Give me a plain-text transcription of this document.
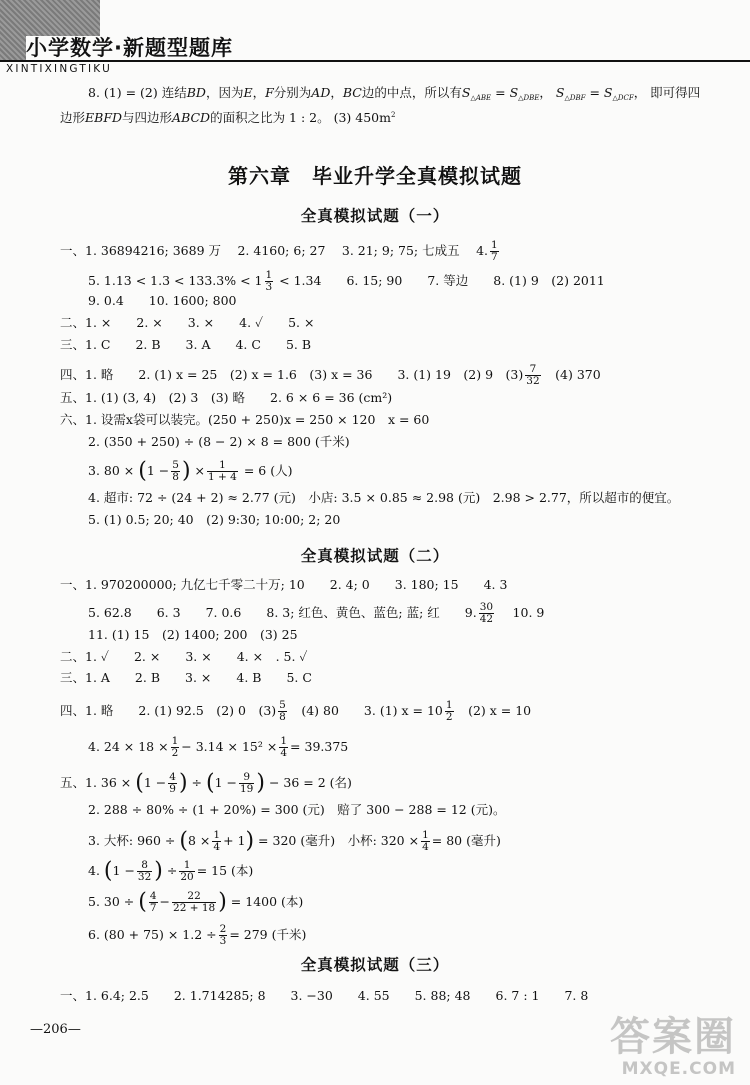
小学数学·新题型题库
XINTIXINGTIKU
8. (1) = (2) 连结BD，因为E，F分别为AD，BC边的中点，所以有$S_{\triangle ABE} = S_{\triangle DBE}$， $S_{\triangle DBF} = S_{\triangle DCF}$， 即可得四
边形EBFD与四边形ABCD的面积之比为 1 : 2。 (3) $450m^2$
第六章　毕业升学全真模拟试题
全真模拟试题（一）
一、1. 36894216; 3689 万　 2. 4160; 6; 27　 3. 21; 9; 75; 七成五　 4. $\frac{1}{7}$
5. $1.13 < 1.3 < 133.3\% < 1 \frac{1}{3} < 1.34$　　6. 15; 90　　7. 等边　　8. (1) 9　(2) 2011
9. 0.4　　10. 1600; 800
二、1. ×　　2. ×　　3. ×　　4. ✓　　5. ×
三、1. C　　2. B　　3. A　　4. C　　5. B
四、1. 略　　2. (1) x = 25　(2) x = 1.6　(3) x = 36　　3. (1) 19　(2) 9　$(3) \frac{7}{32}$ 　(4) 370
五、1. (1) (3, 4)　(2) 3　(3) 略　　2. 6 × 6 = 36 (cm²)
六、1. 设需x袋可以装完。(250 + 250)x = 250 × 120　x = 60
2. (350 + 250) ÷ (8 − 2) × 8 = 800 (千米)
3. $80 \times (1 - \frac{5}{8}$ ) × $\frac{1}{1 + 4} = 6$ (人)
4. 超市: 72 ÷ (24 + 2) ≈ 2.77 (元)　小店: 3.5 × 0.85 ≈ 2.98 (元)　2.98 > 2.77，所以超市的便宜。
5. (1) 0.5; 20; 40　(2) 9:30; 10:00; 2; 20
全真模拟试题（二）
一、1. 970200000; 九亿七千零二十万; 10　　2. 4; 0　　3. 180; 15　　4. 3
5. 62.8　　6. 3　　7. 0.6　　8. 3; 红色、黄色、蓝色; 蓝; 红　　9. $\frac{30}{42}$ 　 10. 9
11. (1) 15　(2) 1400; 200　(3) 25
二、1. ✓　　2. ×　　3. ×　　4. ×　. 5. ✓
三、1. A　　2. B　　3. ×　　4. B　　5. C
四、1. 略　　2. (1) 92.5　(2) 0　$(3) \frac{5}{8}$ 　(4) 80　　3. (1) $x = 10 \frac{1}{2}$ 　(2) x = 10
4. $24 \times 18 \times \frac{1}{2} - 3.14 \times 15^2 \times \frac{1}{4} = 39.375$
五、1. $36 \times (1 - \frac{4}{9}$ ) ÷ ($1 - \frac{9}{19}$ ) − 36 = 2 (名)
2. 288 ÷ 80% ÷ (1 + 20%) = 300 (元)　赔了 300 − 288 = 12 (元)。
3. 大杯: $960 \div (8 \times \frac{1}{4} + 1) = 320$ (毫升)　小杯: $320 \times \frac{1}{4} = 80$ (毫升)
4. ($1 - \frac{8}{32}$ ) ÷ $\frac{1}{20} = 15$ (本)
5. 30 ÷ ( $\frac{4}{7} - \frac{22}{22 + 18}$ ) = 1400 (本)
6. $(80 + 75) \times 1.2 \div \frac{2}{3} = 279$ (千米)
全真模拟试题（三）
一、1. 6.4; 2.5　　2. 1.714285; 8　　3. −30　　4. 55　　5. 88; 48　　6. 7 : 1　　7. 8
—206—	答案圈
MXQE.COM
